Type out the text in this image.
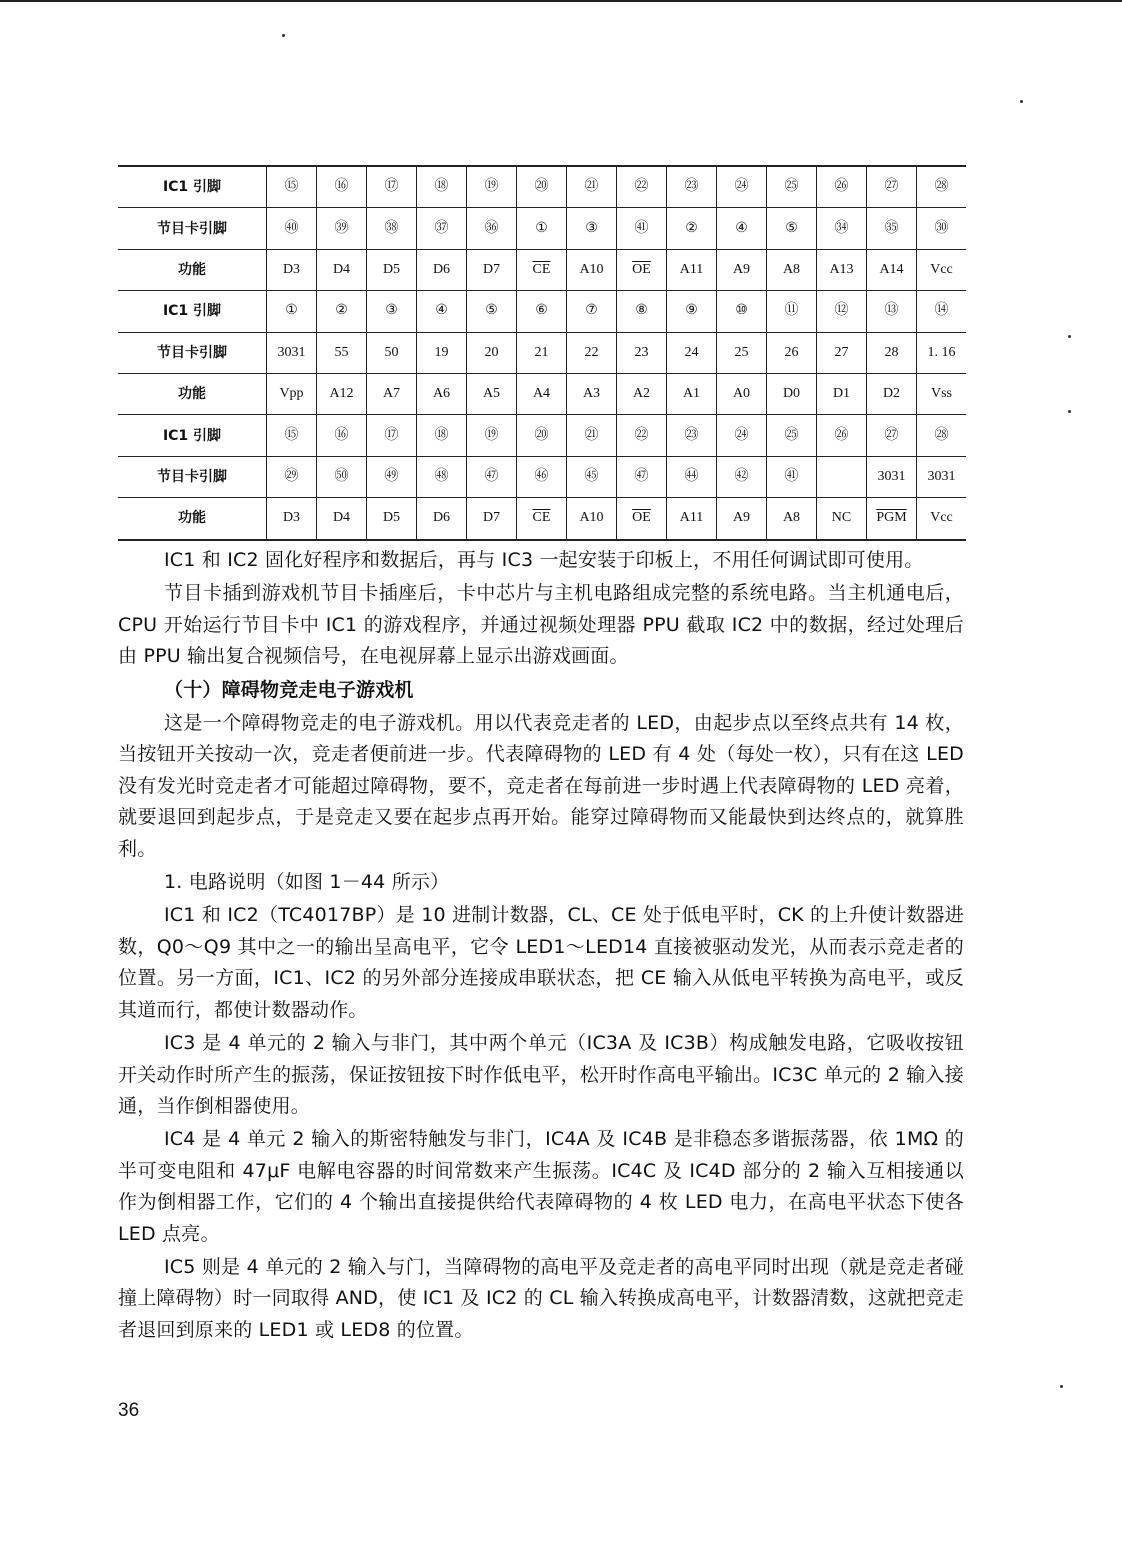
IC1 引脚	⑮	⑯	⑰	⑱	⑲	⑳	㉑	㉒	㉓	㉔	㉕	㉖	㉗	㉘
节目卡引脚	㊵	㊴	㊳	㊲	㊱	①	③	㊶	②	④	⑤	㉞	㉟	㉚
功能	D3	D4	D5	D6	D7	$\overline{CE}$	A10	$\overline{OE}$	A11	A9	A8	A13	A14	Vcc
IC1 引脚	①	②	③	④	⑤	⑥	⑦	⑧	⑨	⑩	⑪	⑫	⑬	⑭
节目卡引脚	3031	55	50	19	20	21	22	23	24	25	26	27	28	1. 16
功能	Vpp	A12	A7	A6	A5	A4	A3	A2	A1	A0	D0	D1	D2	Vss
IC1 引脚	⑮	⑯	⑰	⑱	⑲	⑳	㉑	㉒	㉓	㉔	㉕	㉖	㉗	㉘
节目卡引脚	㉙	㊿	㊾	㊽	㊼	㊻	㊺	㊼	㊹	㊷	㊶		3031	3031
功能	D3	D4	D5	D6	D7	$\overline{CE}$	A10	$\overline{OE}$	A11	A9	A8	NC	$\overline{PGM}$	Vcc

IC1 和 IC2 固化好程序和数据后，再与 IC3 一起安装于印板上，不用任何调试即可使用。

节目卡插到游戏机节目卡插座后，卡中芯片与主机电路组成完整的系统电路。当主机通电后，CPU 开始运行节目卡中 IC1 的游戏程序，并通过视频处理器 PPU 截取 IC2 中的数据，经过处理后由 PPU 输出复合视频信号，在电视屏幕上显示出游戏画面。

（十）障碍物竞走电子游戏机

这是一个障碍物竞走的电子游戏机。用以代表竞走者的 LED，由起步点以至终点共有 14 枚，当按钮开关按动一次，竞走者便前进一步。代表障碍物的 LED 有 4 处（每处一枚），只有在这 LED 没有发光时竞走者才可能超过障碍物，要不，竞走者在每前进一步时遇上代表障碍物的 LED 亮着，就要退回到起步点，于是竞走又要在起步点再开始。能穿过障碍物而又能最快到达终点的，就算胜利。

1. 电路说明（如图 1－44 所示）

IC1 和 IC2（TC4017BP）是 10 进制计数器，CL、CE 处于低电平时，CK 的上升使计数器进数，Q0～Q9 其中之一的输出呈高电平，它令 LED1～LED14 直接被驱动发光，从而表示竞走者的位置。另一方面，IC1、IC2 的另外部分连接成串联状态，把 CE 输入从低电平转换为高电平，或反其道而行，都使计数器动作。

IC3 是 4 单元的 2 输入与非门，其中两个单元（IC3A 及 IC3B）构成触发电路，它吸收按钮开关动作时所产生的振荡，保证按钮按下时作低电平，松开时作高电平输出。IC3C 单元的 2 输入接通，当作倒相器使用。

IC4 是 4 单元 2 输入的斯密特触发与非门，IC4A 及 IC4B 是非稳态多谐振荡器，依 1MΩ 的半可变电阻和 47μF 电解电容器的时间常数来产生振荡。IC4C 及 IC4D 部分的 2 输入互相接通以作为倒相器工作，它们的 4 个输出直接提供给代表障碍物的 4 枚 LED 电力，在高电平状态下使各 LED 点亮。

IC5 则是 4 单元的 2 输入与门，当障碍物的高电平及竞走者的高电平同时出现（就是竞走者碰撞上障碍物）时一同取得 AND，使 IC1 及 IC2 的 CL 输入转换成高电平，计数器清数，这就把竞走者退回到原来的 LED1 或 LED8 的位置。

36
